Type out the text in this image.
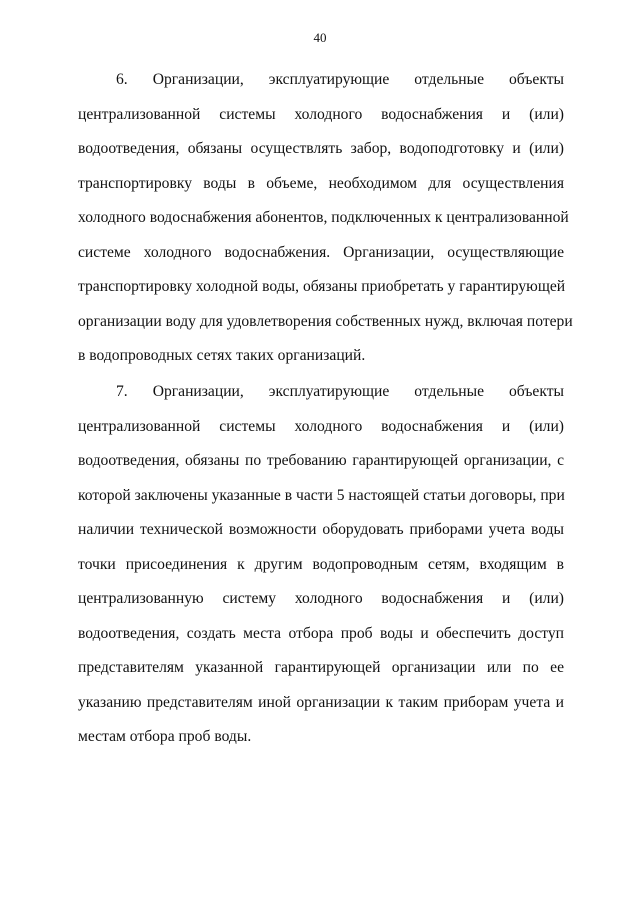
40
6. Организации, эксплуатирующие отдельные объекты
централизованной системы холодного водоснабжения и (или)
водоотведения, обязаны осуществлять забор, водоподготовку и (или)
транспортировку воды в объеме, необходимом для осуществления
холодного водоснабжения абонентов, подключенных к централизованной
системе холодного водоснабжения. Организации, осуществляющие
транспортировку холодной воды, обязаны приобретать у гарантирующей
организации воду для удовлетворения собственных нужд, включая потери
в водопроводных сетях таких организаций.
7. Организации, эксплуатирующие отдельные объекты
централизованной системы холодного водоснабжения и (или)
водоотведения, обязаны по требованию гарантирующей организации, с
которой заключены указанные в части 5 настоящей статьи договоры, при
наличии технической возможности оборудовать приборами учета воды
точки присоединения к другим водопроводным сетям, входящим в
централизованную систему холодного водоснабжения и (или)
водоотведения, создать места отбора проб воды и обеспечить доступ
представителям указанной гарантирующей организации или по ее
указанию представителям иной организации к таким приборам учета и
местам отбора проб воды.
